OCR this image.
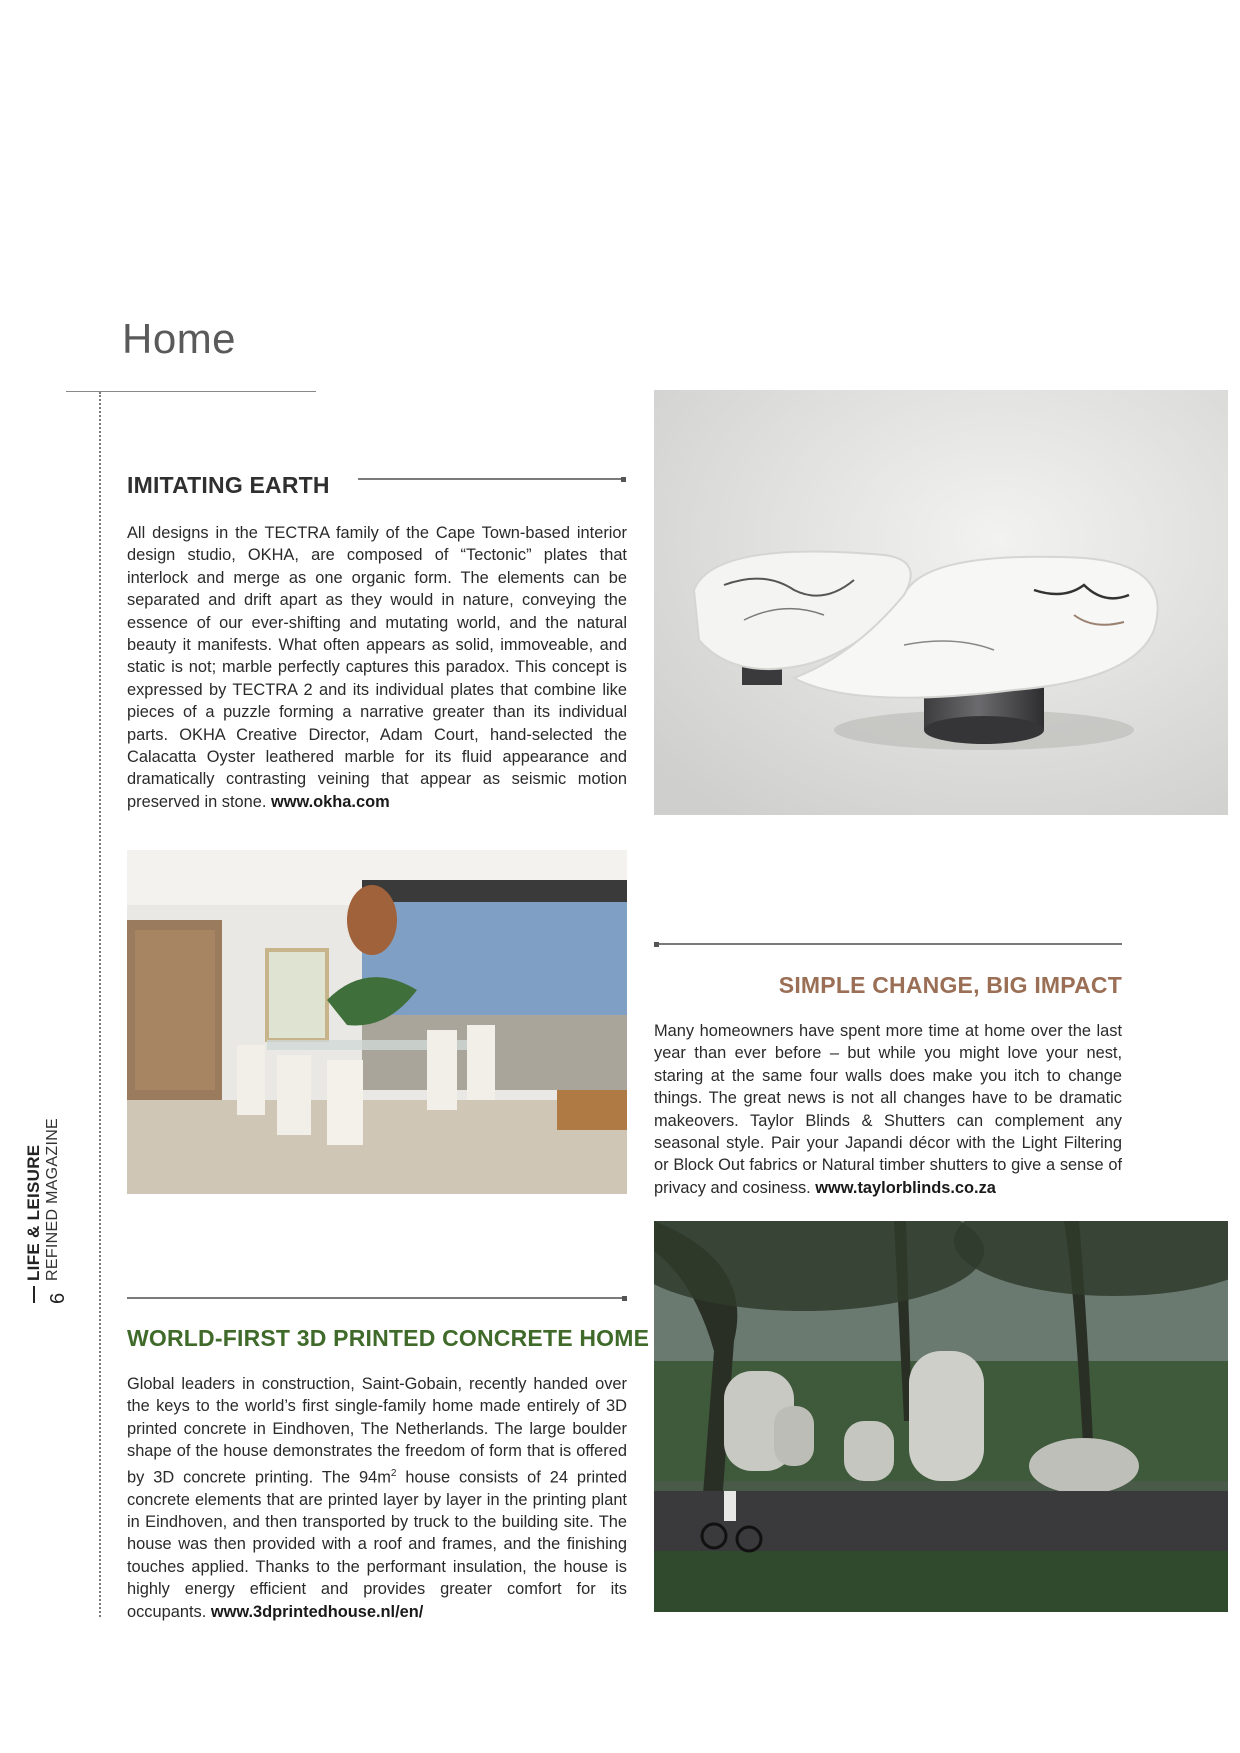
Home
LIFE & LEISURE REFINED MAGAZINE
6
IMITATING EARTH
All designs in the TECTRA family of the Cape Town-based interior design studio, OKHA, are composed of “Tectonic” plates that interlock and merge as one organic form. The elements can be separated and drift apart as they would in nature, conveying the essence of our ever-shifting and mutating world, and the natural beauty it manifests. What often appears as solid, immoveable, and static is not; marble perfectly captures this paradox. This concept is expressed by TECTRA 2 and its individual plates that combine like pieces of a puzzle forming a narrative greater than its individual parts. OKHA Creative Director, Adam Court, hand-selected the Calacatta Oyster leathered marble for its fluid appearance and dramatically contrasting veining that appear as seismic motion preserved in stone. www.okha.com
SIMPLE CHANGE, BIG IMPACT
Many homeowners have spent more time at home over the last year than ever before – but while you might love your nest, staring at the same four walls does make you itch to change things. The great news is not all changes have to be dramatic makeovers. Taylor Blinds & Shutters can complement any seasonal style. Pair your Japandi décor with the Light Filtering or Block Out fabrics or Natural timber shutters to give a sense of privacy and cosiness. www.taylorblinds.co.za
WORLD-FIRST 3D PRINTED CONCRETE HOME
Global leaders in construction, Saint-Gobain, recently handed over the keys to the world’s first single-family home made entirely of 3D printed concrete in Eindhoven, The Netherlands. The large boulder shape of the house demonstrates the freedom of form that is offered by 3D concrete printing. The $94m^2$ house consists of 24 printed concrete elements that are printed layer by layer in the printing plant in Eindhoven, and then transported by truck to the building site. The house was then provided with a roof and frames, and the finishing touches applied. Thanks to the performant insulation, the house is highly energy efficient and provides greater comfort for its occupants. www.3dprintedhouse.nl/en/
